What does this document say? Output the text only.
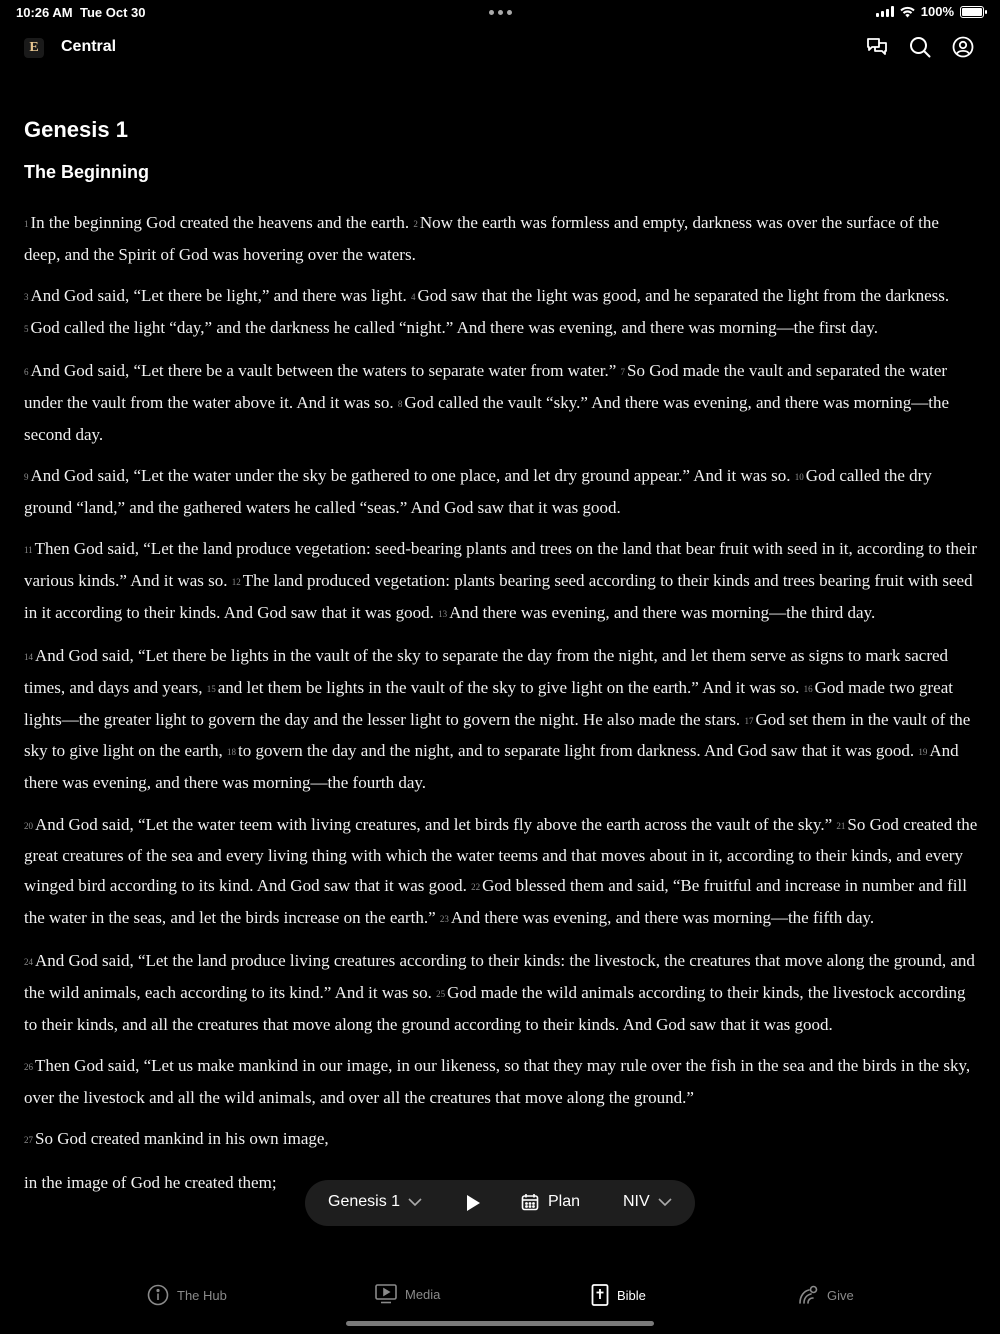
10:26 AM Tue Oct 30	100%
E	Central
Genesis 1
The Beginning

1 In the beginning God created the heavens and the earth. 2 Now the earth was formless and empty, darkness was over the surface of the deep, and the Spirit of God was hovering over the waters.

3 And God said, “Let there be light,” and there was light. 4 God saw that the light was good, and he separated the light from the darkness. 5 God called the light “day,” and the darkness he called “night.” And there was evening, and there was morning—the first day.

6 And God said, “Let there be a vault between the waters to separate water from water.” 7 So God made the vault and separated the water under the vault from the water above it. And it was so. 8 God called the vault “sky.” And there was evening, and there was morning—the second day.

9 And God said, “Let the water under the sky be gathered to one place, and let dry ground appear.” And it was so. 10 God called the dry ground “land,” and the gathered waters he called “seas.” And God saw that it was good.

11 Then God said, “Let the land produce vegetation: seed-bearing plants and trees on the land that bear fruit with seed in it, according to their various kinds.” And it was so. 12 The land produced vegetation: plants bearing seed according to their kinds and trees bearing fruit with seed in it according to their kinds. And God saw that it was good. 13 And there was evening, and there was morning—the third day.

14 And God said, “Let there be lights in the vault of the sky to separate the day from the night, and let them serve as signs to mark sacred times, and days and years, 15 and let them be lights in the vault of the sky to give light on the earth.” And it was so. 16 God made two great lights—the greater light to govern the day and the lesser light to govern the night. He also made the stars. 17 God set them in the vault of the sky to give light on the earth, 18 to govern the day and the night, and to separate light from darkness. And God saw that it was good. 19 And there was evening, and there was morning—the fourth day.

20 And God said, “Let the water teem with living creatures, and let birds fly above the earth across the vault of the sky.” 21 So God created the great creatures of the sea and every living thing with which the water teems and that moves about in it, according to their kinds, and every winged bird according to its kind. And God saw that it was good. 22 God blessed them and said, “Be fruitful and increase in number and fill the water in the seas, and let the birds increase on the earth.” 23 And there was evening, and there was morning—the fifth day.

24 And God said, “Let the land produce living creatures according to their kinds: the livestock, the creatures that move along the ground, and the wild animals, each according to its kind.” And it was so. 25 God made the wild animals according to their kinds, the livestock according to their kinds, and all the creatures that move along the ground according to their kinds. And God saw that it was good.

26 Then God said, “Let us make mankind in our image, in our likeness, so that they may rule over the fish in the sea and the birds in the sky, over the livestock and all the wild animals, and over all the creatures that move along the ground.”

27 So God created mankind in his own image,

in the image of God he created them;

Genesis 1	Plan	NIV
The Hub	Media	Bible	Give
